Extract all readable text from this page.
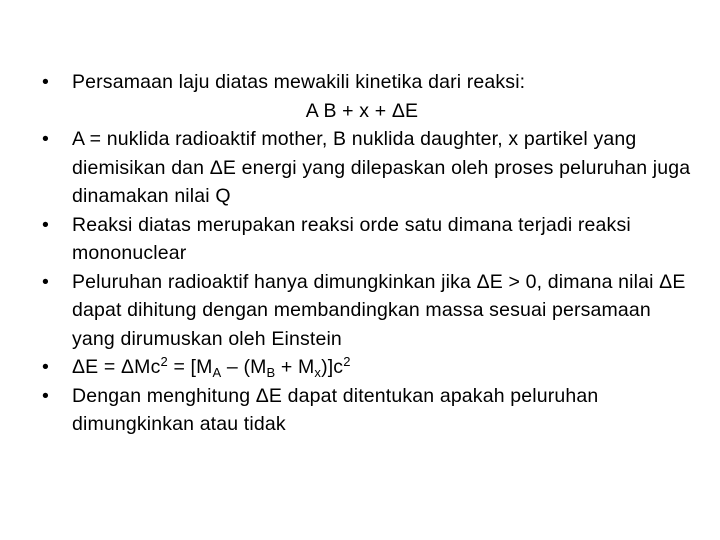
• Persamaan laju diatas mewakili kinetika dari reaksi:
A B + x + ΔE
• A = nuklida radioaktif mother, B nuklida daughter, x partikel yang diemisikan dan ΔE energi yang dilepaskan oleh proses peluruhan juga dinamakan nilai Q
• Reaksi diatas merupakan reaksi orde satu dimana terjadi reaksi mononuclear
• Peluruhan radioaktif hanya dimungkinkan jika ΔE > 0, dimana nilai ΔE dapat dihitung dengan membandingkan massa sesuai persamaan yang dirumuskan oleh Einstein
• $\Delta E = \Delta Mc^2 = [M_A - (M_B + M_x)]c^2$
• Dengan menghitung ΔE dapat ditentukan apakah peluruhan dimungkinkan atau tidak
